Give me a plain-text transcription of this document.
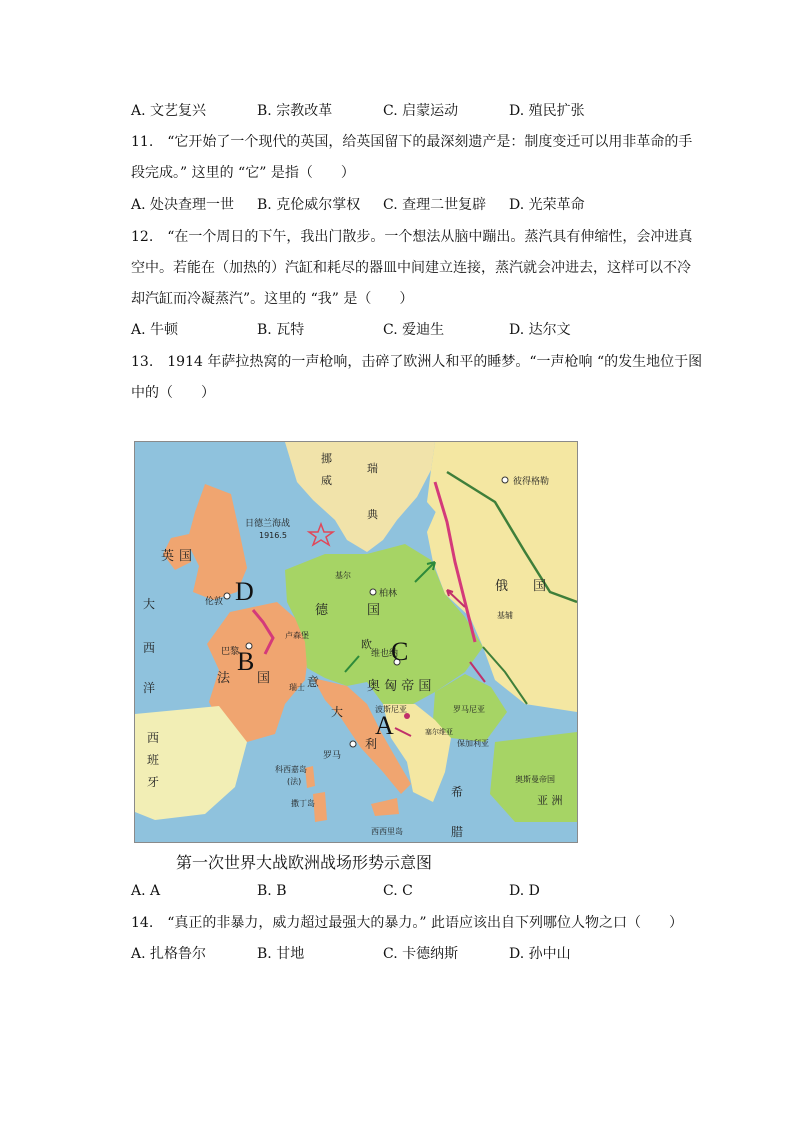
A. 文艺复兴	B. 宗教改革	C. 启蒙运动	D. 殖民扩张
11.　“它开始了一个现代的英国，给英国留下的最深刻遗产是：制度变迁可以用非革命的手
段完成。” 这里的 “它” 是指（　　）
A. 处决查理一世 B. 克伦威尔掌权 C. 查理二世复辟 D. 光荣革命
12.　“在一个周日的下午，我出门散步。一个想法从脑中蹦出。蒸汽具有伸缩性，会冲进真
空中。若能在（加热的）汽缸和耗尽的器皿中间建立连接，蒸汽就会冲进去，这样可以不冷
却汽缸而冷凝蒸汽”。这里的 “我” 是（　　）
A. 牛顿	B. 瓦特	C. 爱迪生	D. 达尔文
13.　1914 年萨拉热窝的一声枪响，击碎了欧洲人和平的睡梦。“一声枪响 “的发生地位于图
中的（　　）
英 国
法 国
西
班
牙
德	国
俄 国
意
大
利
奥 匈 帝 国
挪
威
瑞
典
希
腊
大
西
洋
欧
亚 洲
柏林
维也纳
伦敦
巴黎
罗马
彼得格勒
基尔
基辅
瑞士
卢森堡
波斯尼亚	罗马尼亚
保加利亚
塞尔维亚
奥斯曼帝国
科西嘉岛
(法)
撒丁岛
西西里岛
日德兰海战
1916.5
A
B	C
D
第一次世界大战欧洲战场形势示意图
A. A	B. B	C. C	D. D
14.　“真正的非暴力，威力超过最强大的暴力。” 此语应该出自下列哪位人物之口（　　）
A. 扎格鲁尔	B. 甘地	C. 卡德纳斯	D. 孙中山
